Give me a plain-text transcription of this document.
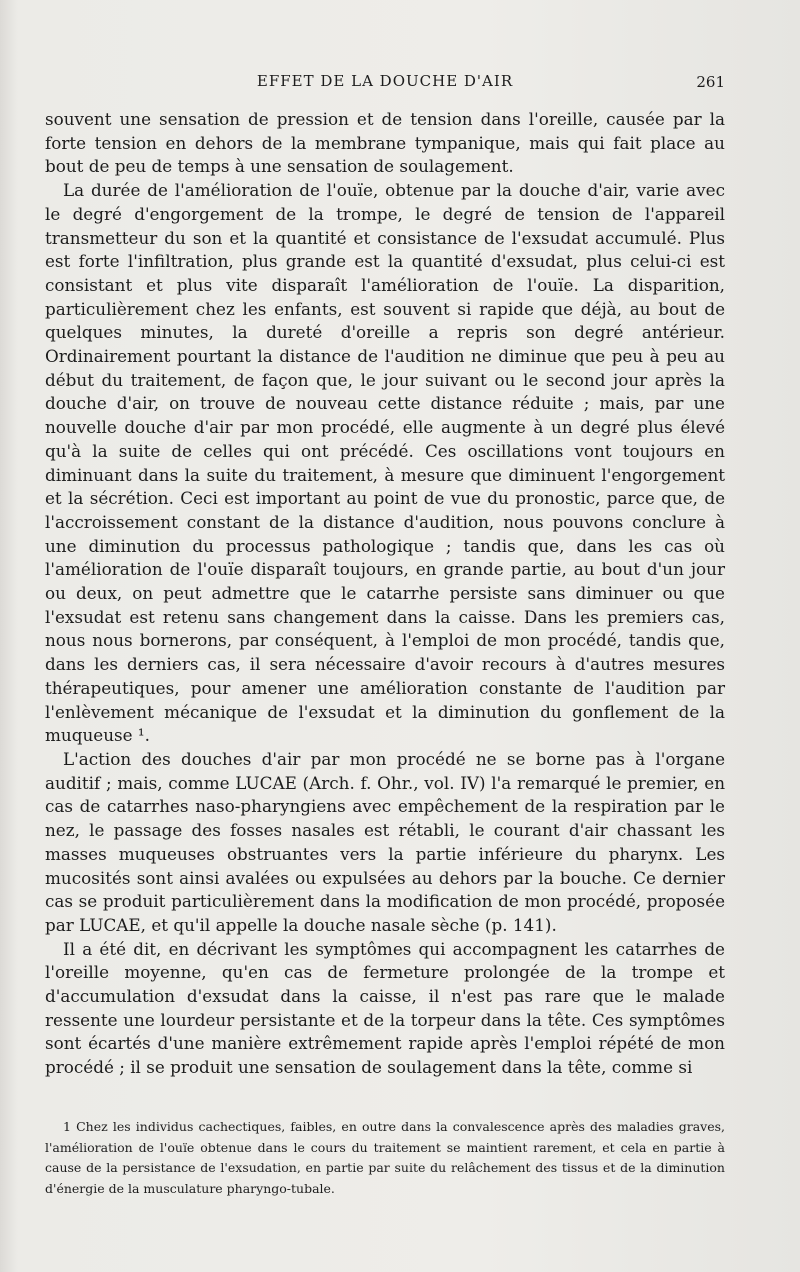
EFFET DE LA DOUCHE D'AIR	261

souvent une sensation de pression et de tension dans l'oreille, causée par la forte tension en dehors de la membrane tympanique, mais qui fait place au bout de peu de temps à une sensation de soulagement.

La durée de l'amélioration de l'ouïe, obtenue par la douche d'air, varie avec le degré d'engorgement de la trompe, le degré de tension de l'appareil transmetteur du son et la quantité et consistance de l'exsudat accumulé. Plus est forte l'infiltration, plus grande est la quantité d'exsudat, plus celui-ci est consistant et plus vite disparaît l'amélioration de l'ouïe. La disparition, particulièrement chez les enfants, est souvent si rapide que déjà, au bout de quelques minutes, la dureté d'oreille a repris son degré antérieur. Ordinairement pourtant la distance de l'audition ne diminue que peu à peu au début du traitement, de façon que, le jour suivant ou le second jour après la douche d'air, on trouve de nouveau cette distance réduite ; mais, par une nouvelle douche d'air par mon procédé, elle augmente à un degré plus élevé qu'à la suite de celles qui ont précédé. Ces oscillations vont toujours en diminuant dans la suite du traitement, à mesure que diminuent l'engorgement et la sécrétion. Ceci est important au point de vue du pronostic, parce que, de l'accroissement constant de la distance d'audition, nous pouvons conclure à une diminution du processus pathologique ; tandis que, dans les cas où l'amélioration de l'ouïe disparaît toujours, en grande partie, au bout d'un jour ou deux, on peut admettre que le catarrhe persiste sans diminuer ou que l'exsudat est retenu sans changement dans la caisse. Dans les premiers cas, nous nous bornerons, par conséquent, à l'emploi de mon procédé, tandis que, dans les derniers cas, il sera nécessaire d'avoir recours à d'autres mesures thérapeutiques, pour amener une amélioration constante de l'audition par l'enlèvement mécanique de l'exsudat et la diminution du gonflement de la muqueuse ¹.

L'action des douches d'air par mon procédé ne se borne pas à l'organe auditif ; mais, comme LUCAE (Arch. f. Ohr., vol. IV) l'a remarqué le premier, en cas de catarrhes naso-pharyngiens avec empêchement de la respiration par le nez, le passage des fosses nasales est rétabli, le courant d'air chassant les masses muqueuses obstruantes vers la partie inférieure du pharynx. Les mucosités sont ainsi avalées ou expulsées au dehors par la bouche. Ce dernier cas se produit particulièrement dans la modification de mon procédé, proposée par LUCAE, et qu'il appelle la douche nasale sèche (p. 141).

Il a été dit, en décrivant les symptômes qui accompagnent les catarrhes de l'oreille moyenne, qu'en cas de fermeture prolongée de la trompe et d'accumulation d'exsudat dans la caisse, il n'est pas rare que le malade ressente une lourdeur persistante et de la torpeur dans la tête. Ces symptômes sont écartés d'une manière extrêmement rapide après l'emploi répété de mon procédé ; il se produit une sensation de soulagement dans la tête, comme si

1 Chez les individus cachectiques, faibles, en outre dans la convalescence après des maladies graves, l'amélioration de l'ouïe obtenue dans le cours du traitement se maintient rarement, et cela en partie à cause de la persistance de l'exsudation, en partie par suite du relâchement des tissus et de la diminution d'énergie de la musculature pharyngo-tubale.
